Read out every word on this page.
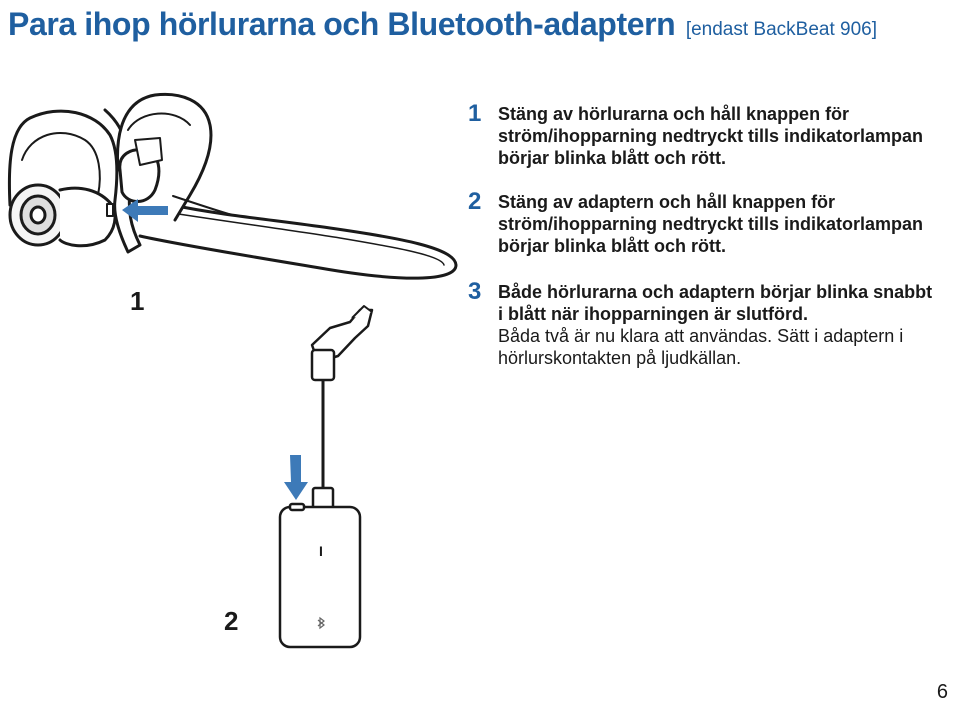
Para ihop hörlurarna och Bluetooth-adaptern [endast BackBeat 906]
I
1
2
1 Stäng av hörlurarna och håll knappen för ström/ihopparning nedtryckt tills indikatorlampan börjar blinka blått och rött.
2 Stäng av adaptern och håll knappen för ström/ihopparning nedtryckt tills indikatorlampan börjar blinka blått och rött.
3 Både hörlurarna och adaptern börjar blinka snabbt i blått när ihopparningen är slutförd.
Båda två är nu klara att användas. Sätt i adaptern i hörlurskontakten på ljudkällan.
6
